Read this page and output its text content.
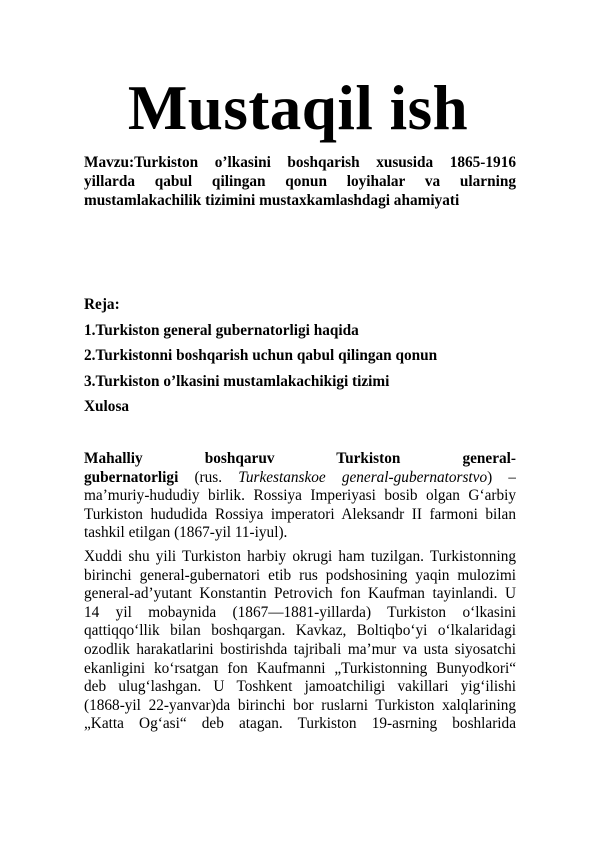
Mustaqil ish
Mavzu:Turkiston o’lkasini boshqarish xususida 1865-1916
yillarda qabul qilingan qonun loyihalar va ularning
mustamlakachilik tizimini mustaxkamlashdagi ahamiyati
Reja:
1.Turkiston general gubernatorligi haqida
2.Turkistonni boshqarish uchun qabul qilingan qonun
3.Turkiston o’lkasini mustamlakachikigi tizimi
Xulosa
Mahalliy boshqaruv Turkiston general-
gubernatorligi (rus. Turkestanskoe general-gubernatorstvo) –
ma’muriy-hududiy birlik. Rossiya Imperiyasi bosib olgan G‘arbiy
Turkiston hududida Rossiya imperatori Aleksandr II farmoni bilan
tashkil etilgan (1867-yil 11-iyul).
Xuddi shu yili Turkiston harbiy okrugi ham tuzilgan. Turkistonning
birinchi general-gubernatori etib rus podshosining yaqin mulozimi
general-ad’yutant Konstantin Petrovich fon Kaufman tayinlandi. U
14 yil mobaynida (1867—1881-yillarda) Turkiston o‘lkasini
qattiqqo‘llik bilan boshqargan. Kavkaz, Boltiqbo‘yi o‘lkalaridagi
ozodlik harakatlarini bostirishda tajribali ma’mur va usta siyosatchi
ekanligini ko‘rsatgan fon Kaufmanni „Turkistonning Bunyodkori“
deb ulug‘lashgan. U Toshkent jamoatchiligi vakillari yig‘ilishi
(1868-yil 22-yanvar)da birinchi bor ruslarni Turkiston xalqlarining
„Katta Og‘asi“ deb atagan. Turkiston 19-asrning boshlarida
